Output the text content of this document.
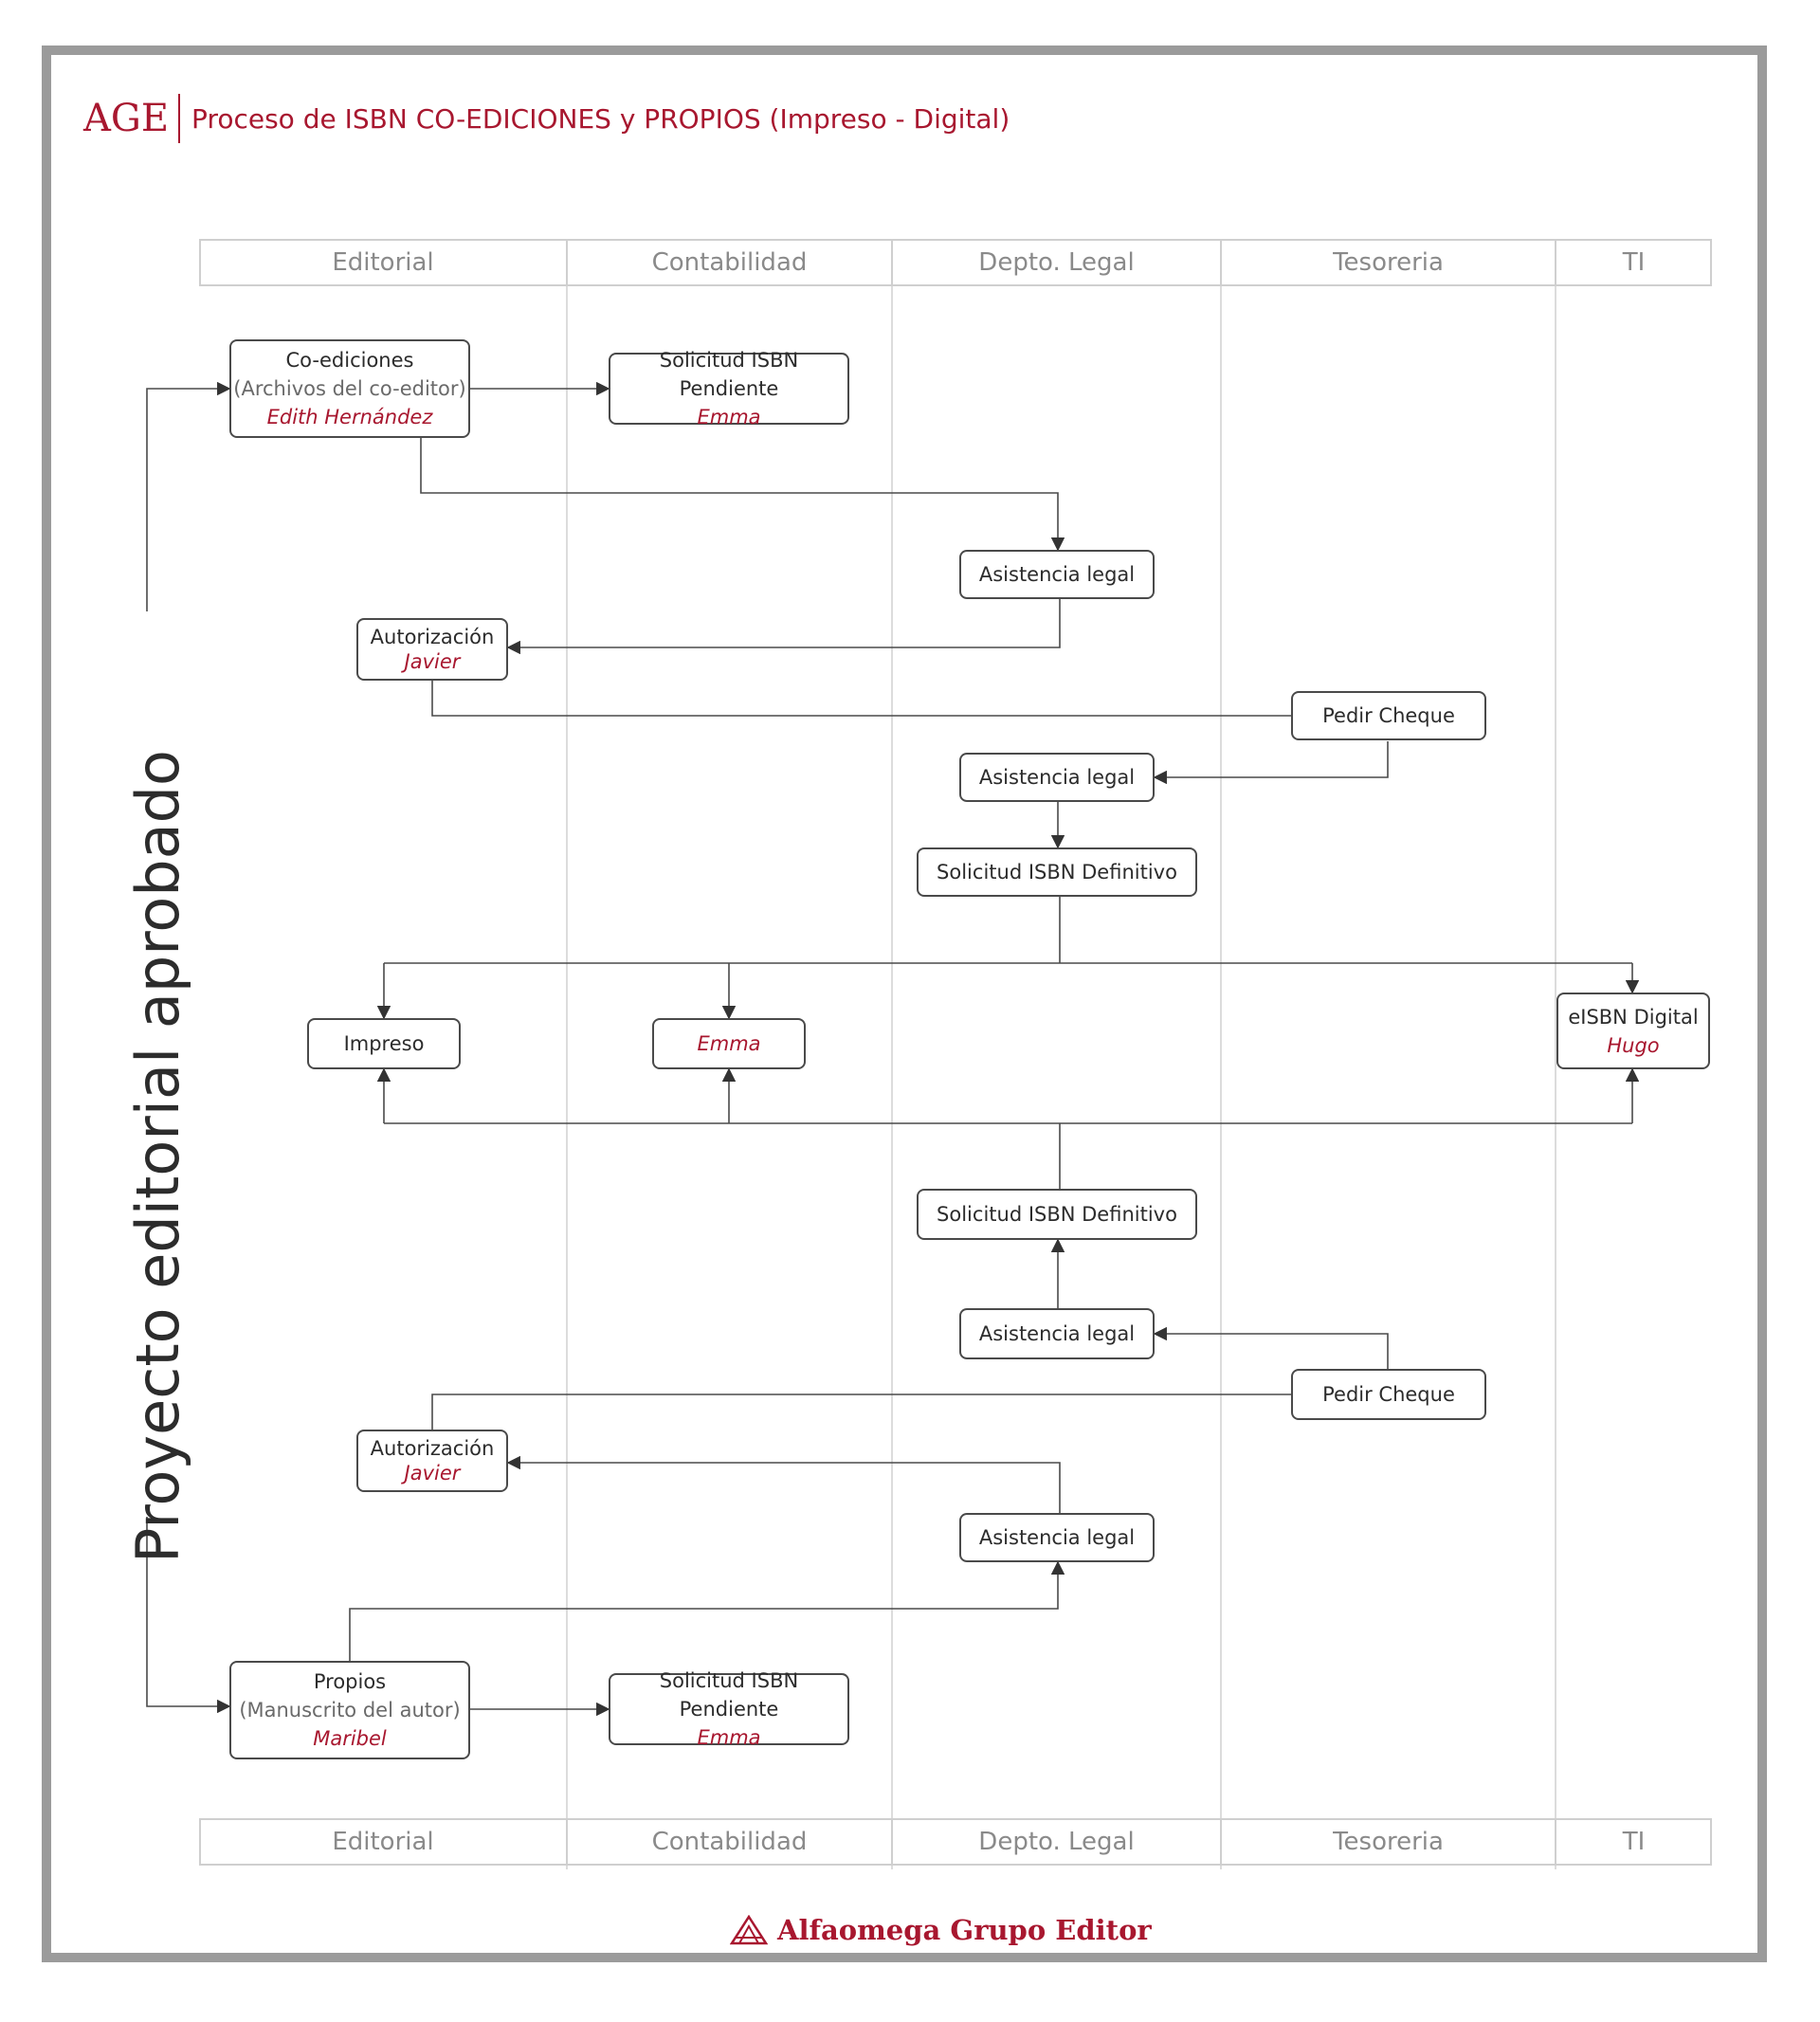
AGE Proceso de ISBN CO-EDICIONES y PROPIOS (Impreso - Digital)
Editorial	Contabilidad	Depto. Legal	Tesoreria	TI
Editorial	Contabilidad	Depto. Legal	Tesoreria	TI
Co-ediciones
(Archivos del co-editor)
Edith Hernández
Solicitud ISBN Pendiente
Emma
Asistencia legal
Autorización
Javier
Pedir Cheque
Asistencia legal
Solicitud ISBN Definitivo
Impreso	Emma
eISBN Digital
Hugo
Solicitud ISBN Definitivo
Asistencia legal
Pedir Cheque
Autorización
Javier
Asistencia legal
Propios
(Manuscrito del autor)
Maribel
Solicitud ISBN Pendiente
Emma
Proyecto editorial aprobado
Alfaomega Grupo Editor
